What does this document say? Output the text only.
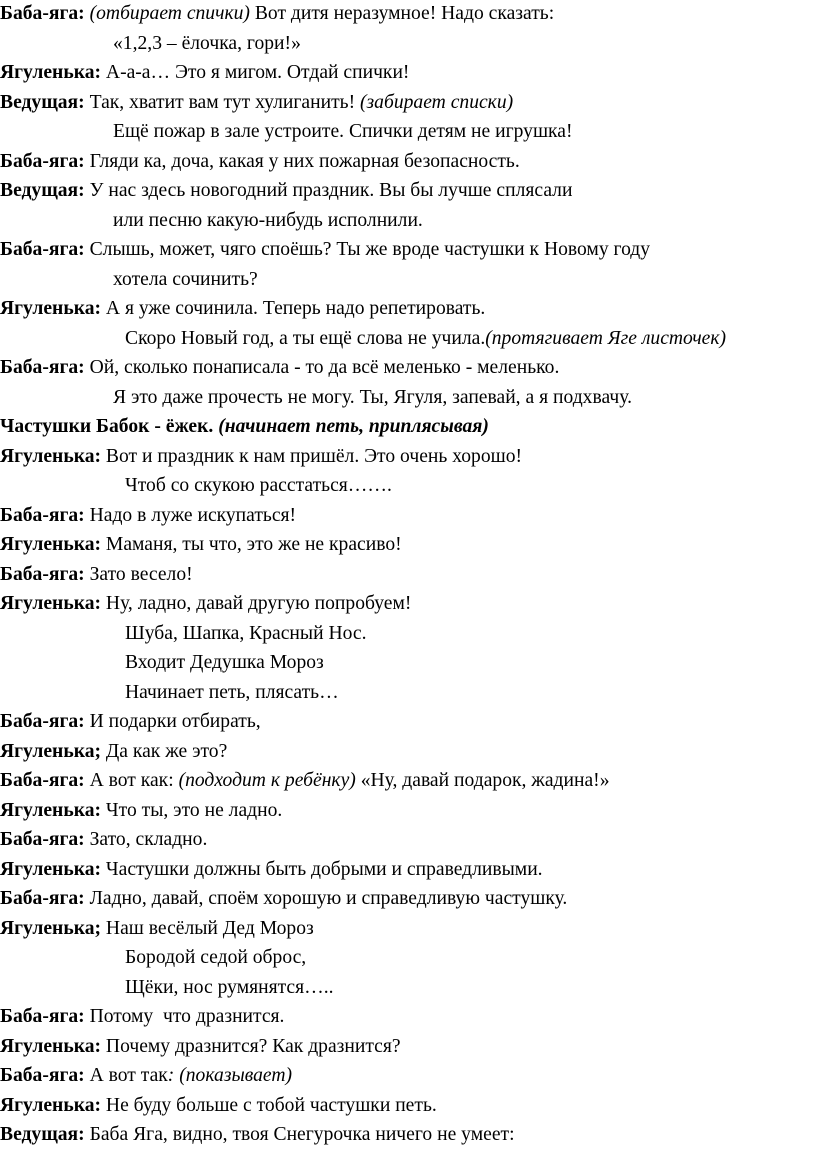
Баба-яга: (отбирает спички) Вот дитя неразумное! Надо сказать:
«1,2,3 – ёлочка, гори!»
Ягуленька: А-а-а… Это я мигом. Отдай спички!
Ведущая: Так, хватит вам тут хулиганить! (забирает списки)
Ещё пожар в зале устроите. Спички детям не игрушка!
Баба-яга: Гляди ка, доча, какая у них пожарная безопасность.
Ведущая: У нас здесь новогодний праздник. Вы бы лучше сплясали
или песню какую-нибудь исполнили.
Баба-яга: Слышь, может, чяго споёшь? Ты же вроде частушки к Новому году
хотела сочинить?
Ягуленька: А я уже сочинила. Теперь надо репетировать.
Скоро Новый год, а ты ещё слова не учила.(протягивает Яге листочек)
Баба-яга: Ой, сколько понаписала - то да всё меленько - меленько.
Я это даже прочесть не могу. Ты, Ягуля, запевай, а я подхвачу.
Частушки Бабок - ёжек. (начинает петь, приплясывая)
Ягуленька: Вот и праздник к нам пришёл. Это очень хорошо!
Чтоб со скукою расстаться…….
Баба-яга: Надо в луже искупаться!
Ягуленька: Маманя, ты что, это же не красиво!
Баба-яга: Зато весело!
Ягуленька: Ну, ладно, давай другую попробуем!
Шуба, Шапка, Красный Нос.
Входит Дедушка Мороз
Начинает петь, плясать…
Баба-яга: И подарки отбирать,
Ягуленька; Да как же это?
Баба-яга: А вот как: (подходит к ребёнку) «Ну, давай подарок, жадина!»
Ягуленька: Что ты, это не ладно.
Баба-яга: Зато, складно.
Ягуленька: Частушки должны быть добрыми и справедливыми.
Баба-яга: Ладно, давай, споём хорошую и справедливую частушку.
Ягуленька; Наш весёлый Дед Мороз
Бородой седой оброс,
Щёки, нос румянятся…..
Баба-яга: Потому  что дразнится.
Ягуленька: Почему дразнится? Как дразнится?
Баба-яга: А вот так: (показывает)
Ягуленька: Не буду больше с тобой частушки петь.
Ведущая: Баба Яга, видно, твоя Снегурочка ничего не умеет:
